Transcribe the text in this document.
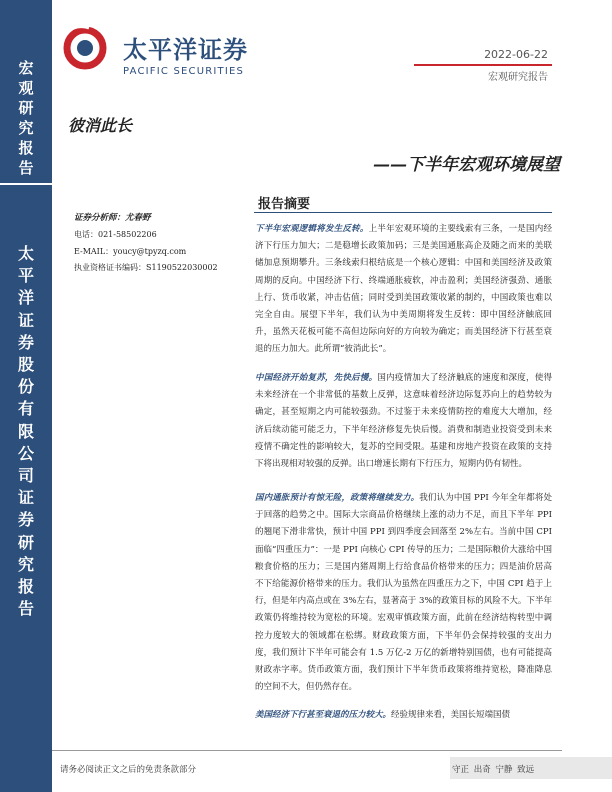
宏观研究报告
太平洋证券股份有限公司证券研究报告
太平洋证券
PACIFIC SECURITIES
2022-06-22
宏观研究报告
彼消此长
——下半年宏观环境展望
证券分析师：尤春野
电话：021-58502206
E-MAIL：youcy@tpyzq.com
执业资格证书编码：S1190522030002
报告摘要

下半年宏观逻辑将发生反转。上半年宏观环境的主要线索有三条，一是国内经济下行压力加大；二是稳增长政策加码；三是美国通胀高企及随之而来的美联储加息预期攀升。三条线索归根结底是一个核心逻辑：中国和美国经济及政策周期的反向。中国经济下行、终端通胀疲软，冲击盈利；美国经济强劲、通胀上行、货币收紧，冲击估值；同时受到美国政策收紧的制约，中国政策也难以完全自由。展望下半年，我们认为中美周期将发生反转：即中国经济触底回升，虽然天花板可能不高但边际向好的方向较为确定；而美国经济下行甚至衰退的压力加大。此所谓“彼消此长”。

中国经济开始复苏，先快后慢。国内疫情加大了经济触底的速度和深度，使得未来经济在一个非常低的基数上反弹，这意味着经济边际复苏向上的趋势较为确定，甚至短期之内可能较强劲。不过鉴于未来疫情防控的难度大大增加，经济后续动能可能乏力，下半年经济修复先快后慢。消费和制造业投资受到未来疫情不确定性的影响较大，复苏的空间受限。基建和房地产投资在政策的支持下将出现相对较强的反弹。出口增速长期有下行压力，短期内仍有韧性。

国内通胀预计有惊无险，政策将继续发力。我们认为中国 PPI 今年全年都将处于回落的趋势之中。国际大宗商品价格继续上涨的动力不足，而且下半年 PPI 的翘尾下滑非常快，预计中国 PPI 到四季度会回落至 2%左右。当前中国 CPI 面临“四重压力”：一是 PPI 向核心 CPI 传导的压力；二是国际粮价大涨给中国粮食价格的压力；三是国内猪周期上行给食品价格带来的压力；四是油价居高不下给能源价格带来的压力。我们认为虽然在四重压力之下，中国 CPI 趋于上行，但是年内高点或在 3%左右，显著高于 3%的政策目标的风险不大。下半年政策仍将维持较为宽松的环境。宏观审慎政策方面，此前在经济结构转型中调控力度较大的领域都在松绑。财政政策方面，下半年仍会保持较强的支出力度，我们预计下半年可能会有 1.5 万亿-2 万亿的新增特别国债，也有可能提高财政赤字率。货币政策方面，我们预计下半年货币政策将维持宽松，降准降息的空间不大，但仍然存在。

美国经济下行甚至衰退的压力较大。经验规律来看，美国长短端国债

请务必阅读正文之后的免责条款部分	守正 出奇 宁静 致远
